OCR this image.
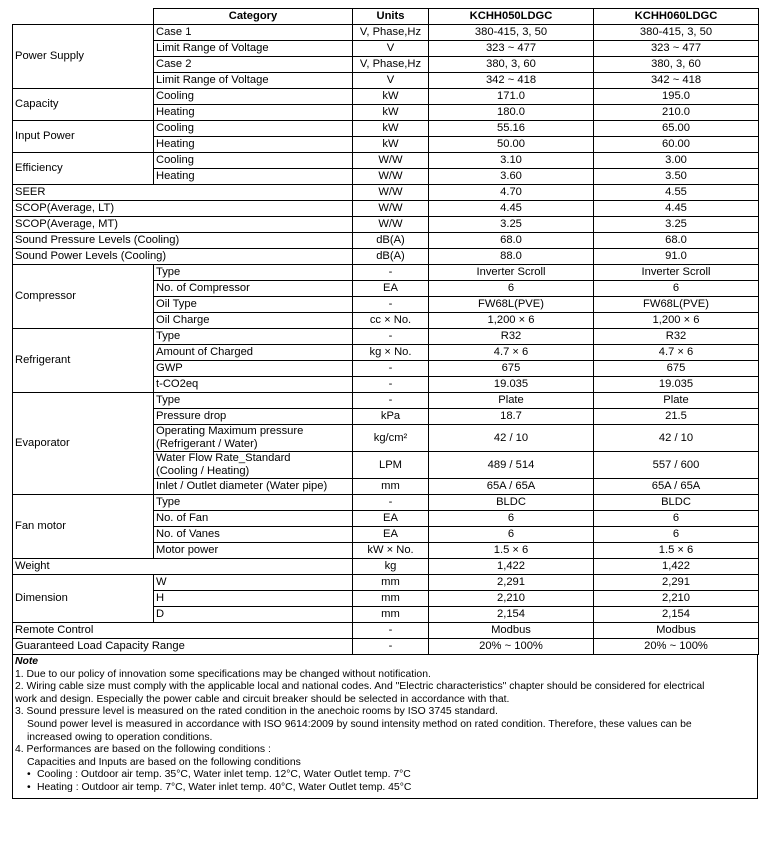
	Category	Units	KCHH050LDGC	KCHH060LDGC
Power Supply	Case 1	V, Phase,Hz	380-415, 3, 50	380-415, 3, 50
	Limit Range of Voltage	V	323 ~ 477	323 ~ 477
	Case 2	V, Phase,Hz	380, 3, 60	380, 3, 60
	Limit Range of Voltage	V	342 ~ 418	342 ~ 418
Capacity	Cooling	kW	171.0	195.0
	Heating	kW	180.0	210.0
Input Power	Cooling	kW	55.16	65.00
	Heating	kW	50.00	60.00
Efficiency	Cooling	W/W	3.10	3.00
	Heating	W/W	3.60	3.50
SEER		W/W	4.70	4.55
SCOP(Average, LT)		W/W	4.45	4.45
SCOP(Average, MT)		W/W	3.25	3.25
Sound Pressure Levels (Cooling)		dB(A)	68.0	68.0
Sound Power Levels (Cooling)		dB(A)	88.0	91.0
Compressor	Type	-	Inverter Scroll	Inverter Scroll
	No. of Compressor	EA	6	6
	Oil Type	-	FW68L(PVE)	FW68L(PVE)
	Oil Charge	cc × No.	1,200 × 6	1,200 × 6
Refrigerant	Type	-	R32	R32
	Amount of Charged	kg × No.	4.7 × 6	4.7 × 6
	GWP	-	675	675
	t-CO2eq	-	19.035	19.035
Evaporator	Type	-	Plate	Plate
	Pressure drop	kPa	18.7	21.5

	Operating Maximum pressure
(Refrigerant / Water)	kg/cm²	42 / 10	42 / 10

	Water Flow Rate_Standard
(Cooling / Heating)	LPM	489 / 514	557 / 600
	Inlet / Outlet diameter (Water pipe)	mm	65A / 65A	65A / 65A
Fan motor	Type	-	BLDC	BLDC
	No. of Fan	EA	6	6
	No. of Vanes	EA	6	6
	Motor power	kW × No.	1.5 × 6	1.5 × 6
Weight		kg	1,422	1,422
Dimension	W	mm	2,291	2,291
	H	mm	2,210	2,210
	D	mm	2,154	2,154
Remote Control		-	Modbus	Modbus
Guaranteed Load Capacity Range		-	20% ~ 100%	20% ~ 100%
Note
1. Due to our policy of innovation some specifications may be changed without notification.
2. Wiring cable size must comply with the applicable local and national codes. And "Electric characteristics" chapter should be considered for electrical
work and design. Especially the power cable and circuit breaker should be selected in accordance with that.
3. Sound pressure level is measured on the rated condition in the anechoic rooms by ISO 3745 standard.
Sound power level is measured in accordance with ISO 9614:2009 by sound intensity method on rated condition. Therefore, these values can be
increased owing to operation conditions.
4. Performances are based on the following conditions :
Capacities and Inputs are based on the following conditions
• Cooling : Outdoor air temp. 35°C, Water inlet temp. 12°C, Water Outlet temp. 7°C
• Heating : Outdoor air temp. 7°C, Water inlet temp. 40°C, Water Outlet temp. 45°C
